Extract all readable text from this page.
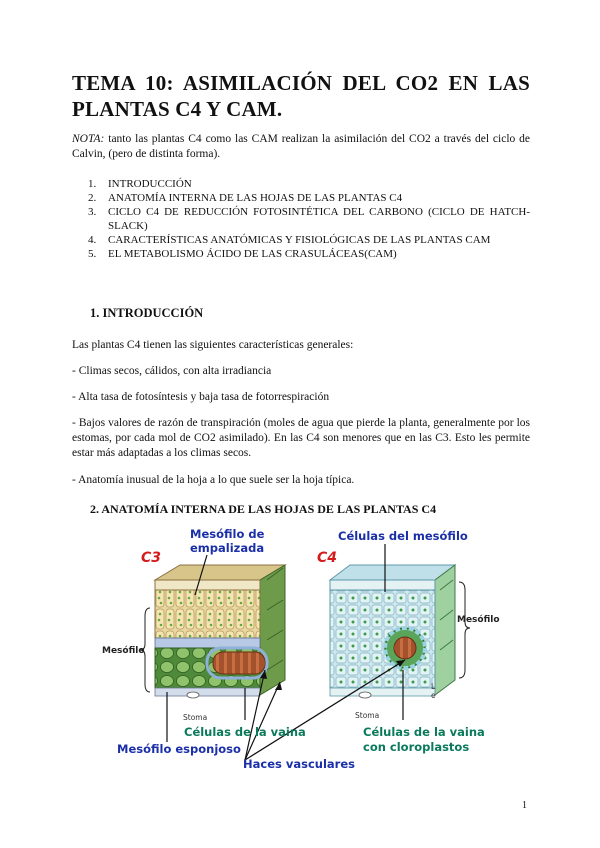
TEMA 10: ASIMILACIÓN DEL CO2 EN LAS PLANTAS C4 Y CAM.
NOTA: tanto las plantas C4 como las CAM realizan la asimilación del CO2 a través del ciclo de Calvin, (pero de distinta forma).
1. INTRODUCCIÓN
2. ANATOMÍA INTERNA DE LAS HOJAS DE LAS PLANTAS C4
3. CICLO C4 DE REDUCCIÓN FOTOSINTÉTICA DEL CARBONO (CICLO DE HATCH-SLACK)
4. CARACTERÍSTICAS ANATÓMICAS Y FISIOLÓGICAS DE LAS PLANTAS CAM
5. EL METABOLISMO ÁCIDO DE LAS CRASULÁCEAS(CAM)
1. INTRODUCCIÓN
Las plantas C4 tienen las siguientes características generales:
- Climas secos, cálidos, con alta irradiancia
- Alta tasa de fotosíntesis y baja tasa de fotorrespiración
- Bajos valores de razón de transpiración (moles de agua que pierde la planta, generalmente por los estomas, por cada mol de CO2 asimilado). En las C4 son menores que en las C3. Esto les permite estar más adaptadas a los climas secos.
- Anatomía inusual de la hoja a lo que suele ser la hoja típica.
2. ANATOMÍA INTERNA DE LAS HOJAS DE LAS PLANTAS C4
Mesófilo de
empalizada
Células del mesófilo
C3	C4
Mesófilo
Mesófilo
L
e
Stoma	Stoma
Células de la vaina	Células de la vaina
con cloroplastos
Mesófilo esponjoso
Haces vasculares
1
